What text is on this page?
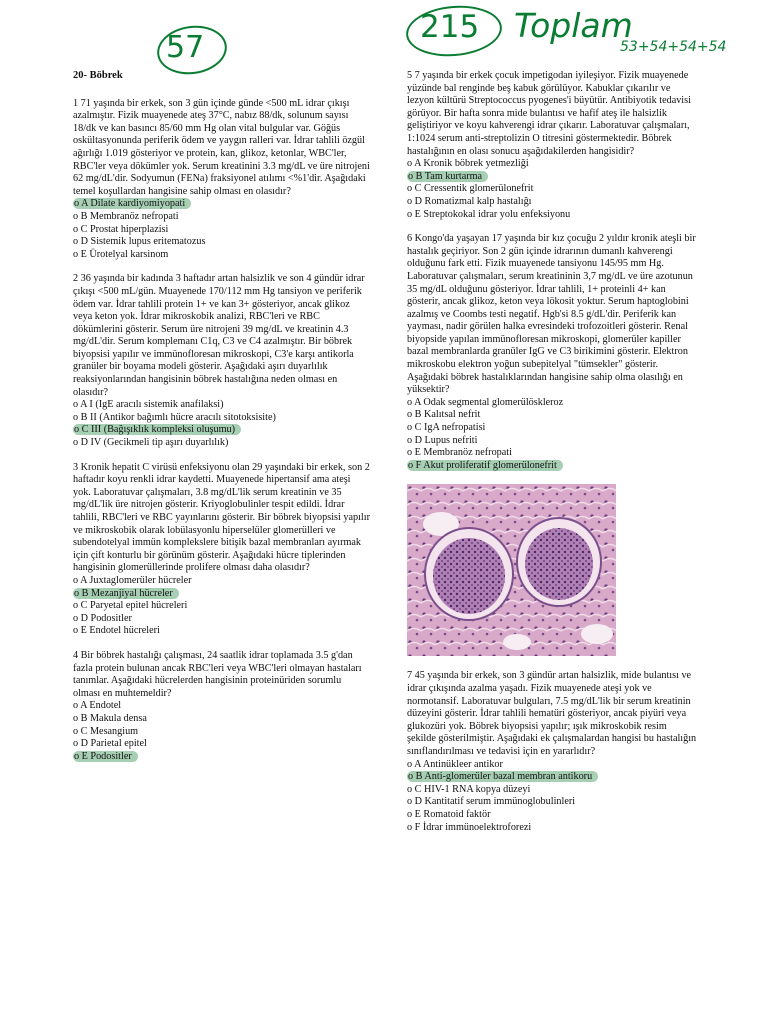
57
215 Toplam
53+54+54+54
20- Böbrek

1 71 yaşında bir erkek, son 3 gün içinde günde <500 mL idrar çıkışı azalmıştır. Fizik muayenede ateş 37°C, nabız 88/dk, solunum sayısı 18/dk ve kan basıncı 85/60 mm Hg olan vital bulgular var. Göğüs oskültasyonunda periferik ödem ve yaygın ralleri var. İdrar tahlili özgül ağırlığı 1.019 gösteriyor ve protein, kan, glikoz, ketonlar, WBC'ler, RBC'ler veya dökümler yok. Serum kreatinini 3.3 mg/dL ve üre nitrojeni 62 mg/dL'dir. Sodyumun (FENa) fraksiyonel atılımı <%1'dir. Aşağıdaki temel koşullardan hangisine sahip olması en olasıdır?

o A Dilate kardiyomiyopati
o B Membranöz nefropati
o C Prostat hiperplazisi
o D Sistemik lupus eritematozus
o E Ürotelyal karsinom

2 36 yaşında bir kadında 3 haftadır artan halsizlik ve son 4 gündür idrar çıkışı <500 mL/gün. Muayenede 170/112 mm Hg tansiyon ve periferik ödem var. İdrar tahlili protein 1+ ve kan 3+ gösteriyor, ancak glikoz veya keton yok. İdrar mikroskobik analizi, RBC'leri ve RBC dökümlerini gösterir. Serum üre nitrojeni 39 mg/dL ve kreatinin 4.3 mg/dL'dir. Serum komplemanı C1q, C3 ve C4 azalmıştır. Bir böbrek biyopsisi yapılır ve immünofloresan mikroskopi, C3'e karşı antikorla granüler bir boyama modeli gösterir. Aşağıdaki aşırı duyarlılık reaksiyonlarından hangisinin böbrek hastalığına neden olması en olasıdır?

o A I (IgE aracılı sistemik anafilaksi)
o B II (Antikor bağımlı hücre aracılı sitotoksisite)
o C III (Bağışıklık kompleksi oluşumu)
o D IV (Gecikmeli tip aşırı duyarlılık)

3 Kronik hepatit C virüsü enfeksiyonu olan 29 yaşındaki bir erkek, son 2 haftadır koyu renkli idrar kaydetti. Muayenede hipertansif ama ateşi yok. Laboratuvar çalışmaları, 3.8 mg/dL'lik serum kreatinin ve 35 mg/dL'lik üre nitrojen gösterir. Kriyoglobulinler tespit edildi. İdrar tahlili, RBC'leri ve RBC yayınlarını gösterir. Bir böbrek biyopsisi yapılır ve mikroskobik olarak lobülasyonlu hiperselüler glomerülleri ve subendotelyal immün komplekslere bitişik bazal membranları ayırmak için çift konturlu bir görünüm gösterir. Aşağıdaki hücre tiplerinden hangisinin glomerüllerinde prolifere olması daha olasıdır?

o A Juxtaglomerüler hücreler
o B Mezanjiyal hücreler
o C Paryetal epitel hücreleri
o D Podositler
o E Endotel hücreleri

4 Bir böbrek hastalığı çalışması, 24 saatlik idrar toplamada 3.5 g'dan fazla protein bulunan ancak RBC'leri veya WBC'leri olmayan hastaları tanımlar. Aşağıdaki hücrelerden hangisinin proteinüriden sorumlu olması en muhtemeldir?

o A Endotel
o B Makula densa
o C Mesangium
o D Parietal epitel
o E Podositler

5 7 yaşında bir erkek çocuk impetigodan iyileşiyor. Fizik muayenede yüzünde bal renginde beş kabuk görülüyor. Kabuklar çıkarılır ve lezyon kültürü Streptococcus pyogenes'i büyütür. Antibiyotik tedavisi görüyor. Bir hafta sonra mide bulantısı ve hafif ateş ile halsizlik geliştiriyor ve koyu kahverengi idrar çıkarır. Laboratuvar çalışmaları, 1:1024 serum anti-streptolizin O titresini göstermektedir. Böbrek hastalığının en olası sonucu aşağıdakilerden hangisidir?

o A Kronik böbrek yetmezliği
o B Tam kurtarma
o C Cressentik glomerülonefrit
o D Romatizmal kalp hastalığı
o E Streptokokal idrar yolu enfeksiyonu

6 Kongo'da yaşayan 17 yaşında bir kız çocuğu 2 yıldır kronik ateşli bir hastalık geçiriyor. Son 2 gün içinde idrarının dumanlı kahverengi olduğunu fark etti. Fizik muayenede tansiyonu 145/95 mm Hg. Laboratuvar çalışmaları, serum kreatininin 3,7 mg/dL ve üre azotunun 35 mg/dL olduğunu gösteriyor. İdrar tahlili, 1+ proteinli 4+ kan gösterir, ancak glikoz, keton veya lökosit yoktur. Serum haptoglobini azalmış ve Coombs testi negatif. Hgb'si 8.5 g/dL'dir. Periferik kan yayması, nadir görülen halka evresindeki trofozoitleri gösterir. Renal biyopside yapılan immünofloresan mikroskopi, glomerüler kapiller bazal membranlarda granüler IgG ve C3 birikimini gösterir. Elektron mikroskobu elektron yoğun subepitelyal "tümsekler" gösterir. Aşağıdaki böbrek hastalıklarından hangisine sahip olma olasılığı en yüksektir?

o A Odak segmental glomerülöskleroz
o B Kalıtsal nefrit
o C IgA nefropatisi
o D Lupus nefriti
o E Membranöz nefropati
o F Akut proliferatif glomerülonefrit

7 45 yaşında bir erkek, son 3 gündür artan halsizlik, mide bulantısı ve idrar çıkışında azalma yaşadı. Fizik muayenede ateşi yok ve normotansif. Laboratuvar bulguları, 7.5 mg/dL'lik bir serum kreatinin düzeyini gösterir. İdrar tahlili hematüri gösteriyor, ancak piyüri veya glukozüri yok. Böbrek biyopsisi yapılır; ışık mikroskobik resim şekilde gösterilmiştir. Aşağıdaki ek çalışmalardan hangisi bu hastalığın sınıflandırılması ve tedavisi için en yararlıdır?

o A Antinükleer antikor
o B Anti-glomerüler bazal membran antikoru
o C HIV-1 RNA kopya düzeyi
o D Kantitatif serum immünoglobulinleri
o E Romatoid faktör
o F İdrar immünoelektroforezi
